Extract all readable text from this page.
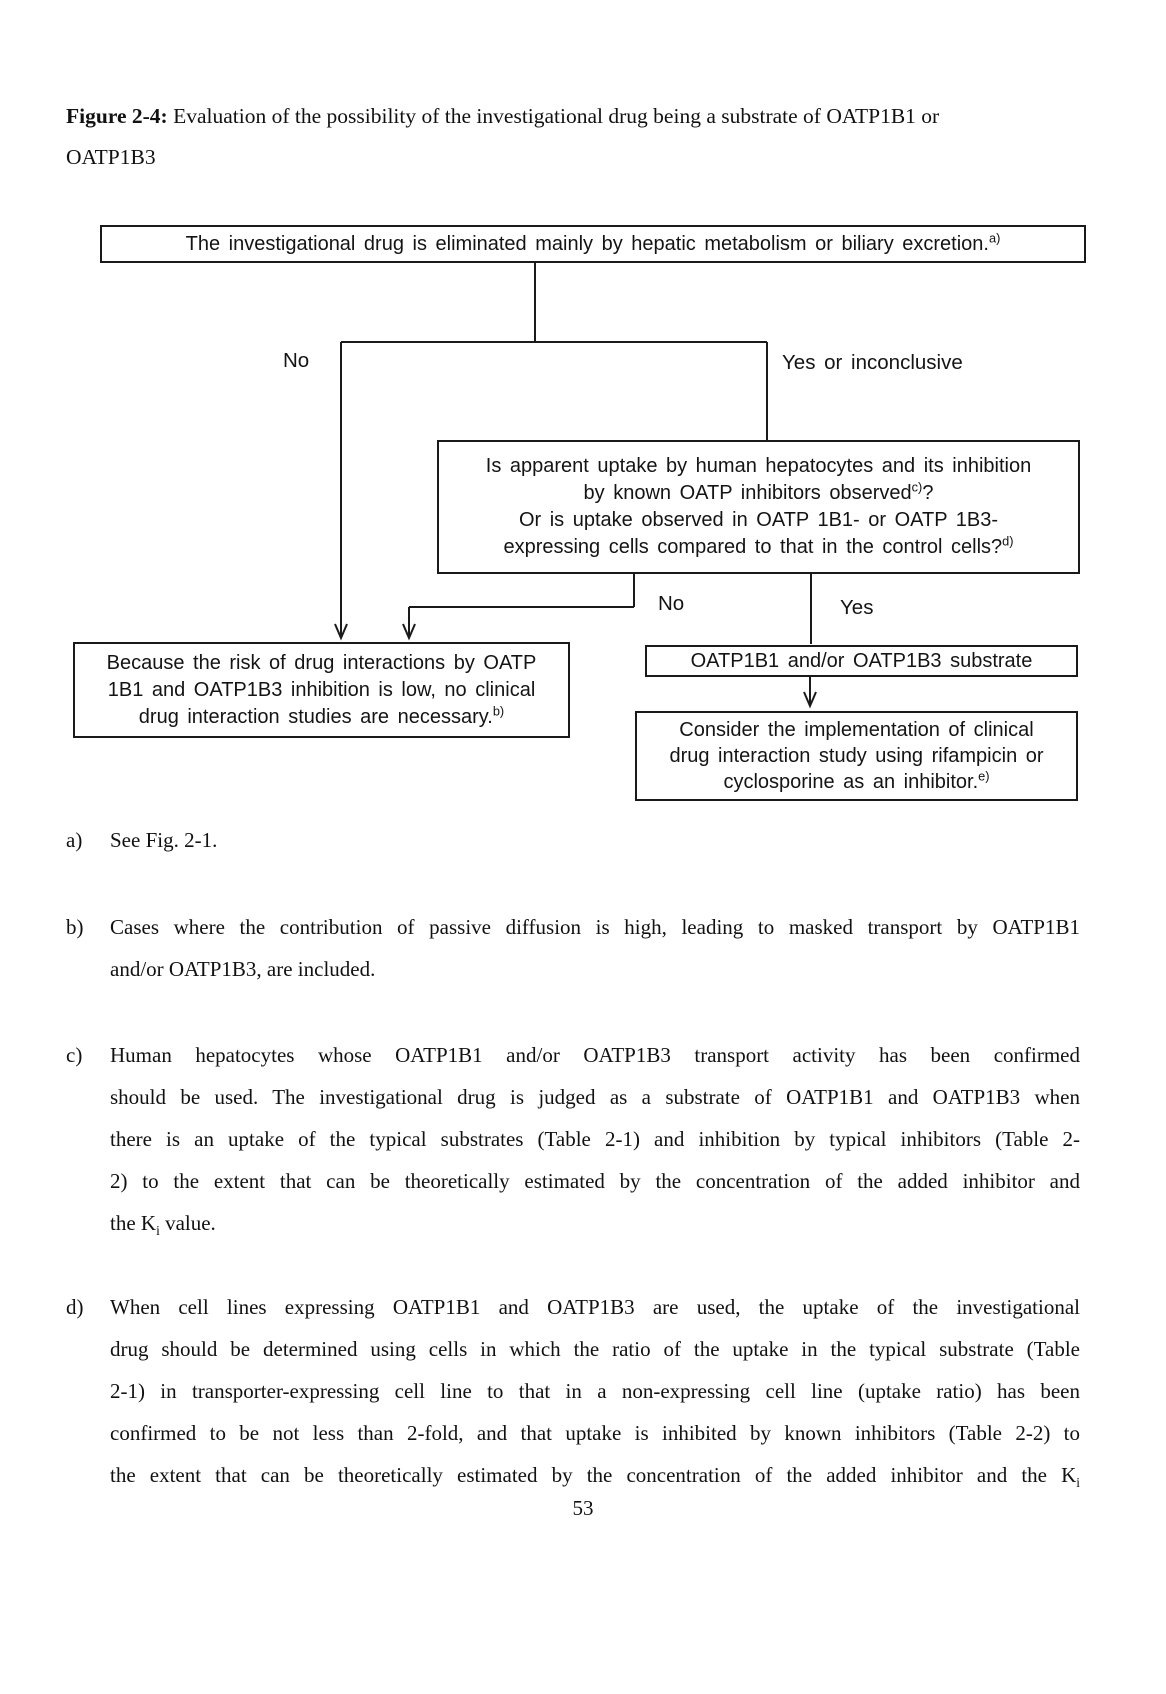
Figure 2-4: Evaluation of the possibility of the investigational drug being a substrate of OATP1B1 or
OATP1B3
The investigational drug is eliminated mainly by hepatic metabolism or biliary excretion.$^{a)}$
No	Yes or inconclusive
Is apparent uptake by human hepatocytes and its inhibition
by known OATP inhibitors observed$^{c)}$?
Or is uptake observed in OATP 1B1- or OATP 1B3-
expressing cells compared to that in the control cells?$^{d)}$
No	Yes
Because the risk of drug interactions by OATP
1B1 and OATP1B3 inhibition is low, no clinical
drug interaction studies are necessary.$^{b)}$
OATP1B1 and/or OATP1B3 substrate
Consider the implementation of clinical
drug interaction study using rifampicin or
cyclosporine as an inhibitor.$^{e)}$
a)	See Fig. 2-1.
b)	Cases where the contribution of passive diffusion is high, leading to masked transport by OATP1B1
and/or OATP1B3, are included.
c)	Human hepatocytes whose OATP1B1 and/or OATP1B3 transport activity has been confirmed
should be used. The investigational drug is judged as a substrate of OATP1B1 and OATP1B3 when
there is an uptake of the typical substrates (Table 2-1) and inhibition by typical inhibitors (Table 2-
2) to the extent that can be theoretically estimated by the concentration of the added inhibitor and
the $K_i$ value.
d)	When cell lines expressing OATP1B1 and OATP1B3 are used, the uptake of the investigational
drug should be determined using cells in which the ratio of the uptake in the typical substrate (Table
2-1) in transporter-expressing cell line to that in a non-expressing cell line (uptake ratio) has been
confirmed to be not less than 2-fold, and that uptake is inhibited by known inhibitors (Table 2-2) to
the extent that can be theoretically estimated by the concentration of the added inhibitor and the $K_i$
53
